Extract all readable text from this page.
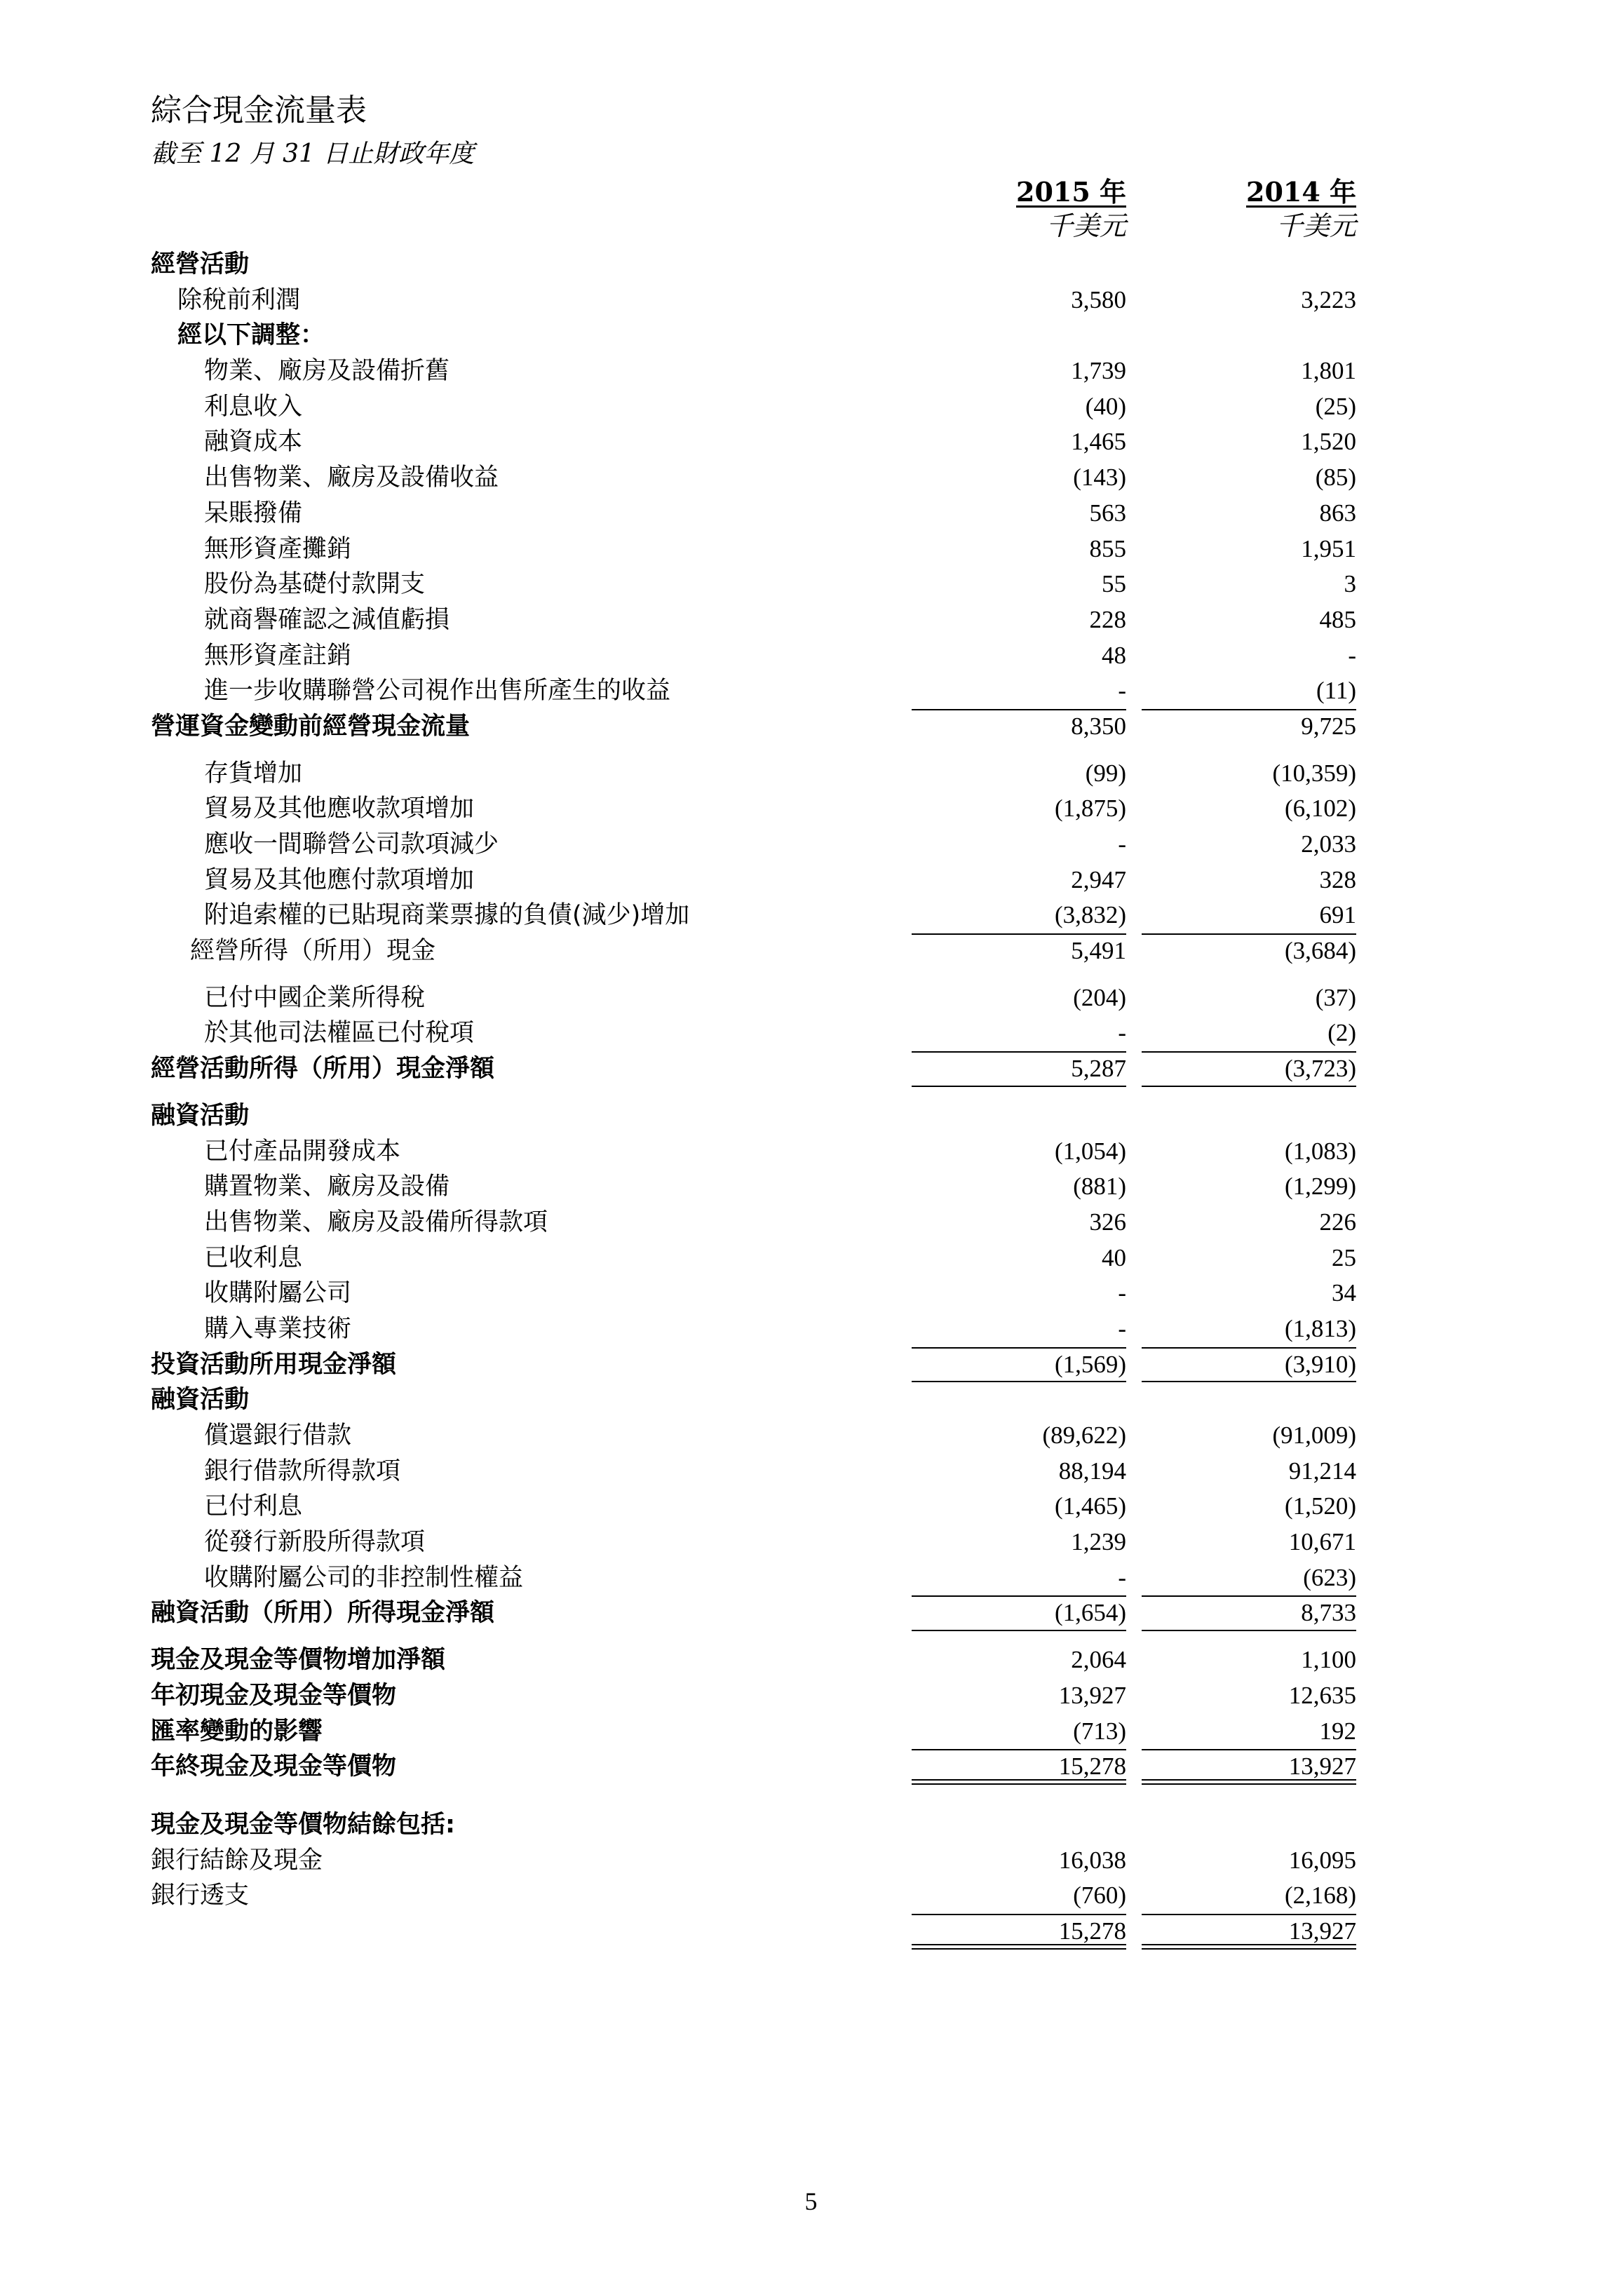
綜合現金流量表
截至 12 月 31 日止財政年度
2015 年
千美元
2014 年
千美元
經營活動
除稅前利潤	3,580	3,223
經以下調整：
物業、廠房及設備折舊	1,739	1,801
利息收入	(40)	(25)
融資成本	1,465	1,520
出售物業、廠房及設備收益	(143)	(85)
呆賬撥備	563	863
無形資產攤銷	855	1,951
股份為基礎付款開支	55	3
就商譽確認之減值虧損	228	485
無形資產註銷	48	-
進一步收購聯營公司視作出售所產生的收益	-	(11)
營運資金變動前經營現金流量	8,350	9,725
存貨增加	(99)	(10,359)
貿易及其他應收款項增加	(1,875)	(6,102)
應收一間聯營公司款項減少	-	2,033
貿易及其他應付款項增加	2,947	328
附追索權的已貼現商業票據的負債(減少)增加	(3,832)	691
經營所得（所用）現金	5,491	(3,684)
已付中國企業所得稅	(204)	(37)
於其他司法權區已付稅項	-	(2)
經營活動所得（所用）現金淨額	5,287	(3,723)
融資活動
已付產品開發成本	(1,054)	(1,083)
購置物業、廠房及設備	(881)	(1,299)
出售物業、廠房及設備所得款項	326	226
已收利息	40	25
收購附屬公司	-	34
購入專業技術	-	(1,813)
投資活動所用現金淨額	(1,569)	(3,910)
融資活動
償還銀行借款	(89,622)	(91,009)
銀行借款所得款項	88,194	91,214
已付利息	(1,465)	(1,520)
從發行新股所得款項	1,239	10,671
收購附屬公司的非控制性權益	-	(623)
融資活動（所用）所得現金淨額	(1,654)	8,733
現金及現金等價物增加淨額	2,064	1,100
年初現金及現金等價物	13,927	12,635
匯率變動的影響	(713)	192
年終現金及現金等價物	15,278	13,927
現金及現金等價物結餘包括:
銀行結餘及現金	16,038	16,095
銀行透支	(760)	(2,168)
15,278	13,927
5
